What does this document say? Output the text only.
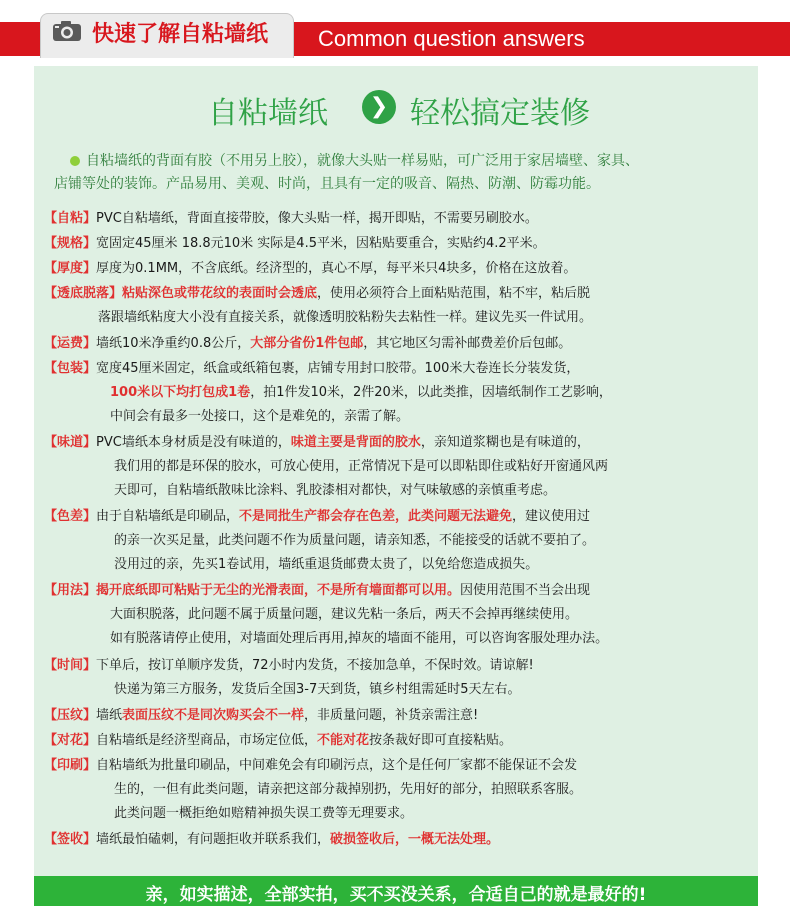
快速了解自粘墙纸 Common question answers
自粘墙纸	❯ 轻松搞定装修
自粘墙纸的背面有胶（不用另上胶），就像大头贴一样易贴，可广泛用于家居墙壁、家具、
店铺等处的装饰。产品易用、美观、时尚，且具有一定的吸音、隔热、防潮、防霉功能。
【自粘】PVC自粘墙纸，背面直接带胶，像大头贴一样，揭开即贴，不需要另刷胶水。
【规格】宽固定45厘米 18.8元10米 实际是4.5平米，因粘贴要重合，实贴约4.2平米。
【厚度】厚度为0.1MM，不含底纸。经济型的，真心不厚，每平米只4块多，价格在这放着。
【透底脱落】粘贴深色或带花纹的表面时会透底，使用必须符合上面粘贴范围，粘不牢，粘后脱
落跟墙纸粘度大小没有直接关系，就像透明胶粘粉失去粘性一样。建议先买一件试用。
【运费】墙纸10米净重约0.8公斤，大部分省份1件包邮，其它地区匀需补邮费差价后包邮。
【包装】宽度45厘米固定，纸盒或纸箱包裹，店铺专用封口胶带。100米大卷连长分装发货，
100米以下均打包成1卷，拍1件发10米，2件20米，以此类推，因墙纸制作工艺影响，
中间会有最多一处接口，这个是难免的，亲需了解。
【味道】PVC墙纸本身材质是没有味道的，味道主要是背面的胶水，亲知道浆糊也是有味道的，
我们用的都是环保的胶水，可放心使用，正常情况下是可以即粘即住或粘好开窗通风两
天即可，自粘墙纸散味比涂料、乳胶漆相对都快，对气味敏感的亲慎重考虑。
【色差】由于自粘墙纸是印刷品，不是同批生产都会存在色差，此类问题无法避免，建议使用过
的亲一次买足量，此类问题不作为质量问题，请亲知悉，不能接受的话就不要拍了。
没用过的亲，先买1卷试用，墙纸重退货邮费太贵了，以免给您造成损失。
【用法】揭开底纸即可粘贴于无尘的光滑表面，不是所有墙面都可以用。因使用范围不当会出现
大面积脱落，此问题不属于质量问题，建议先粘一条后，两天不会掉再继续使用。
如有脱落请停止使用，对墙面处理后再用,掉灰的墙面不能用，可以咨询客服处理办法。
【时间】下单后，按订单顺序发货，72小时内发货，不接加急单，不保时效。请谅解!
快递为第三方服务，发货后全国3-7天到货，镇乡村组需延时5天左右。
【压纹】墙纸表面压纹不是同次购买会不一样，非质量问题，补货亲需注意!
【对花】自粘墙纸是经济型商品，市场定位低，不能对花按条裁好即可直接粘贴。
【印刷】自粘墙纸为批量印刷品，中间难免会有印刷污点，这个是任何厂家都不能保证不会发
生的，一但有此类问题，请亲把这部分裁掉别扔，先用好的部分，拍照联系客服。
此类问题一概拒绝如赔精神损失误工费等无理要求。
【签收】墙纸最怕磕刺，有问题拒收并联系我们，破损签收后，一概无法处理。
亲，如实描述，全部实拍，买不买没关系，合适自己的就是最好的!
